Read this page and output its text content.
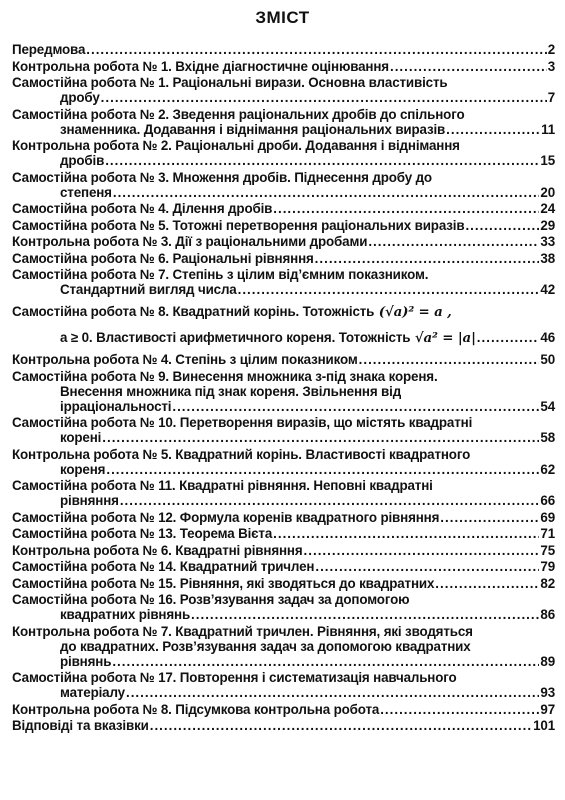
ЗМІСТ
Передмова .....	2
Контрольна робота № 1. Вхідне діагностичне оцінювання .....	3
Самостійна робота № 1. Раціональні вирази. Основна властивість
дробу .....	7
Самостійна робота № 2. Зведення раціональних дробів до спільного
знаменника. Додавання і віднімання раціональних виразів .....	11
Контрольна робота № 2. Раціональні дроби. Додавання і віднімання
дробів .....	15
Самостійна робота № 3. Множення дробів. Піднесення дробу до
степеня .....	20
Самостійна робота № 4. Ділення дробів .....	24
Самостійна робота № 5. Тотожні перетворення раціональних виразів .....	29
Контрольна робота № 3. Дії з раціональними дробами .....	33
Самостійна робота № 6. Раціональні рівняння .....	38
Самостійна робота № 7. Степінь з цілим від’ємним показником.
Стандартний вигляд числа .....	42
Самостійна робота № 8. Квадратний корінь. Тотожність (√a)² = a ,
a ≥ 0. Властивості арифметичного кореня. Тотожність √a² = |a| .....	46
Контрольна робота № 4. Степінь з цілим показником .....	50
Самостійна робота № 9. Винесення множника з-під знака кореня.
Внесення множника під знак кореня. Звільнення від
ірраціональності .....	54
Самостійна робота № 10. Перетворення виразів, що містять квадратні
корені .....	58
Контрольна робота № 5. Квадратний корінь. Властивості квадратного
кореня .....	62
Самостійна робота № 11. Квадратні рівняння. Неповні квадратні
рівняння .....	66
Самостійна робота № 12. Формула коренів квадратного рівняння .....	69
Самостійна робота № 13. Теорема Вієта .....	71
Контрольна робота № 6. Квадратні рівняння .....	75
Самостійна робота № 14. Квадратний тричлен .....	79
Самостійна робота № 15. Рівняння, які зводяться до квадратних .....	82
Самостійна робота № 16. Розв’язування задач за допомогою
квадратних рівнянь .....	86
Контрольна робота № 7. Квадратний тричлен. Рівняння, які зводяться
до квадратних. Розв’язування задач за допомогою квадратних
рівнянь .....	89
Самостійна робота № 17. Повторення і систематизація навчального
матеріалу .....	93
Контрольна робота № 8. Підсумкова контрольна робота .....	97
Відповіді та вказівки .....	101
